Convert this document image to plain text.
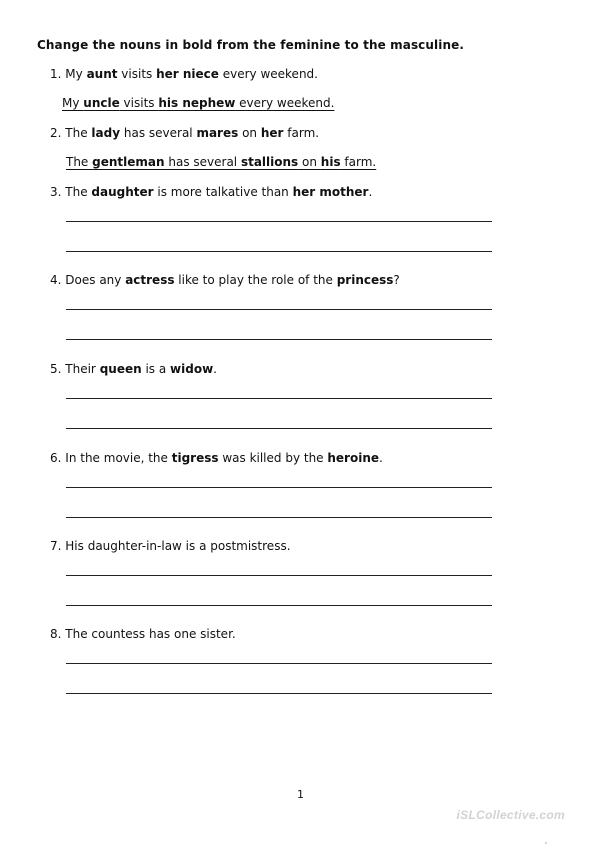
Change the nouns in bold from the feminine to the masculine.

1. My aunt visits her niece every weekend.
My uncle visits his nephew every weekend.
2. The lady has several mares on her farm.
The gentleman has several stallions on his farm.
3. The daughter is more talkative than her mother.
4. Does any actress like to play the role of the princess?
5. Their queen is a widow.
6. In the movie, the tigress was killed by the heroine.
7. His daughter-in-law is a postmistress.
8. The countess has one sister.
1
iSLCollective.com
